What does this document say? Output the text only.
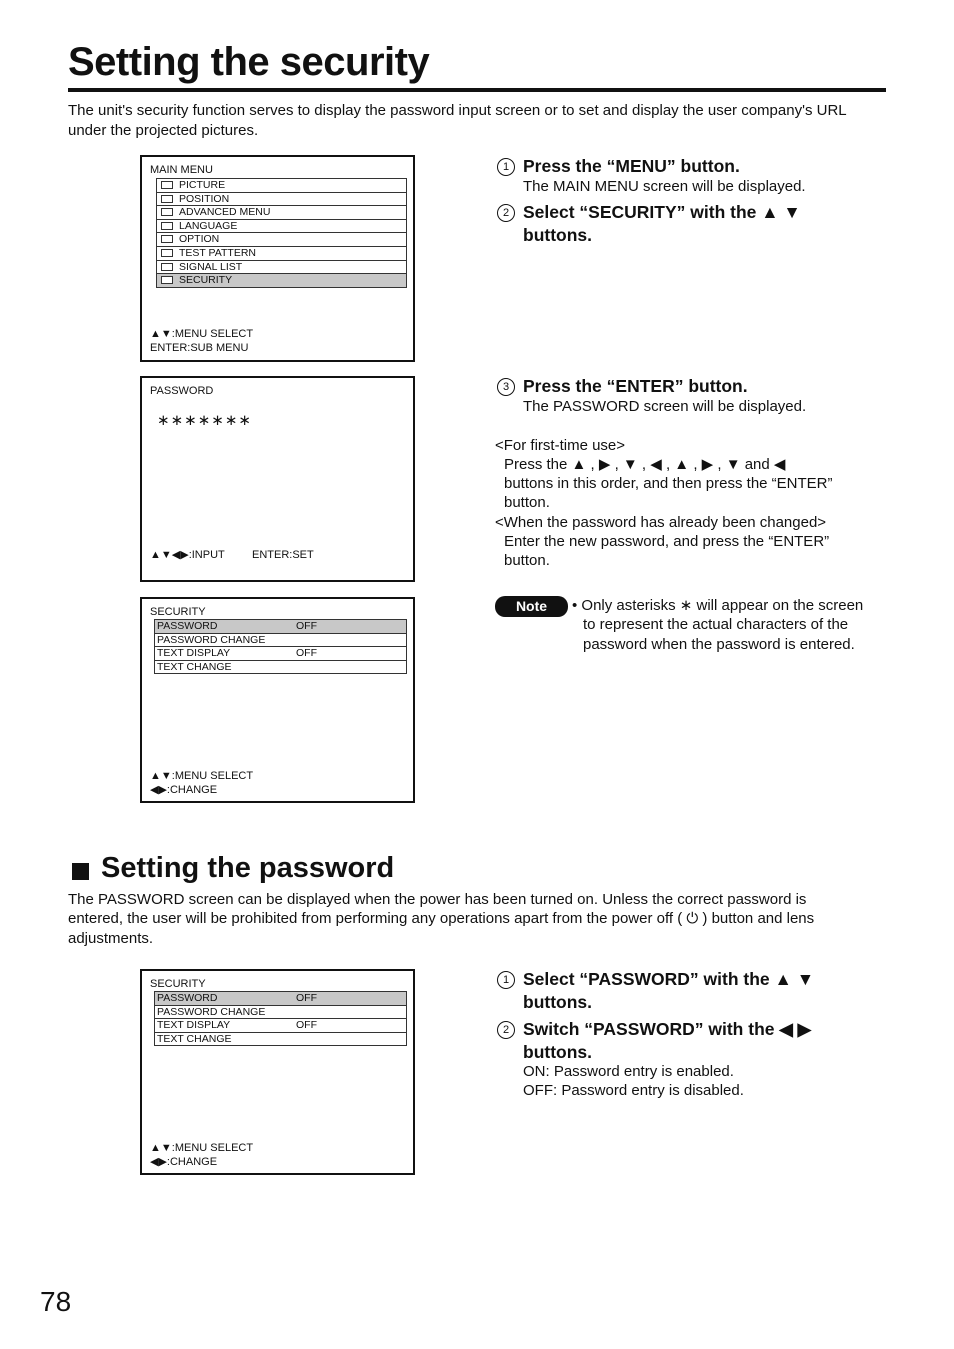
Setting the security
The unit's security function serves to display the password input screen or to set and display the user company's URL under the projected pictures.
MAIN MENU
PICTURE
POSITION
ADVANCED MENU
LANGUAGE
OPTION
TEST PATTERN
SIGNAL LIST
SECURITY
▲▼:MENU SELECT
ENTER:SUB MENU
PASSWORD
∗∗∗∗∗∗∗
▲▼◀▶:INPUT ENTER:SET
SECURITY
PASSWORD	OFF
PASSWORD CHANGE
TEXT DISPLAY	OFF
TEXT CHANGE
▲▼:MENU SELECT
◀▶:CHANGE
1 Press the “MENU” button.
The MAIN MENU screen will be displayed.
2 Select “SECURITY” with the ▲ ▼
buttons.
3 Press the “ENTER” button.
The PASSWORD screen will be displayed.
<For first-time use>
Press the ▲ , ▶ , ▼ , ◀ , ▲ , ▶ , ▼ and ◀
buttons in this order, and then press the “ENTER”
button.
<When the password has already been changed>
Enter the new password, and press the “ENTER”
button.
Note	• Only asterisks ∗ will appear on the screen
to represent the actual characters of the
password when the password is entered.
Setting the password
The PASSWORD screen can be displayed when the power has been turned on. Unless the correct password is
entered, the user will be prohibited from performing any operations apart from the power off ( ⏻ ) button and lens
adjustments.
SECURITY
PASSWORD	OFF
PASSWORD CHANGE
TEXT DISPLAY	OFF
TEXT CHANGE
▲▼:MENU SELECT
◀▶:CHANGE
1 Select “PASSWORD” with the ▲ ▼
buttons.
2 Switch “PASSWORD” with the ◀ ▶
buttons.
ON: Password entry is enabled.
OFF: Password entry is disabled.
78
